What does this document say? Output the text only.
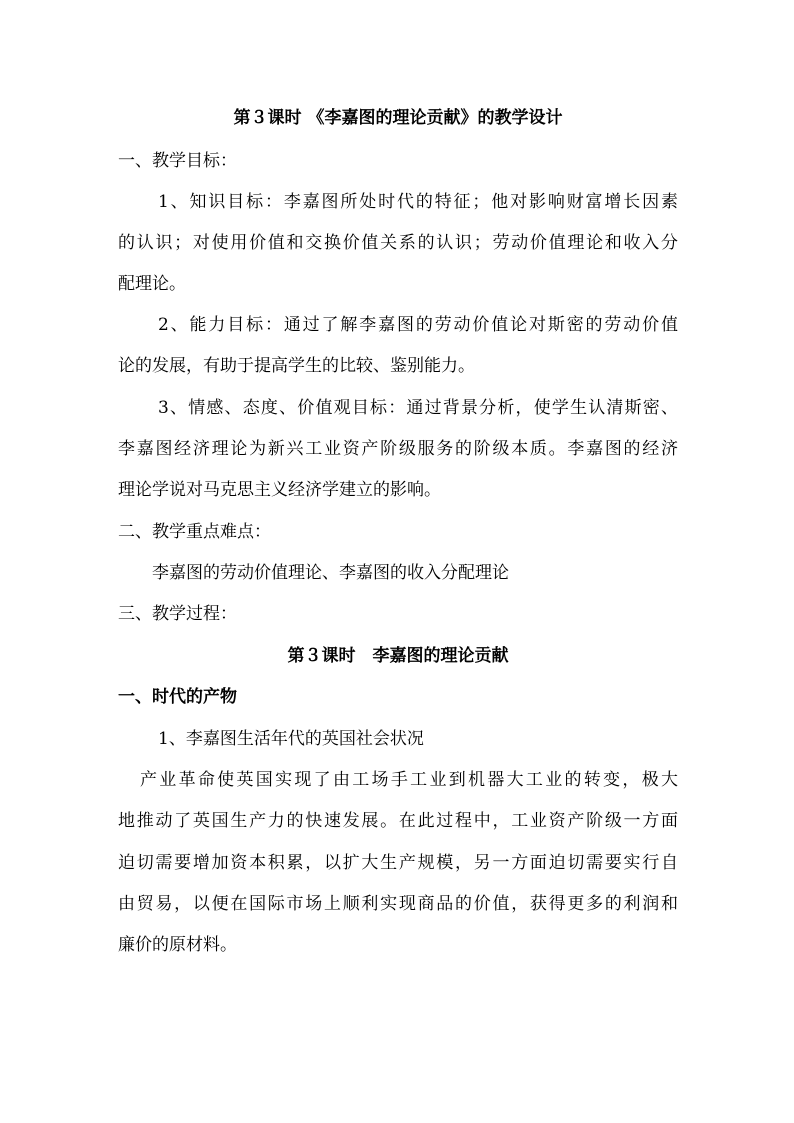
第３课时 《李嘉图的理论贡献》的教学设计
一、教学目标：
1、知识目标：李嘉图所处时代的特征；他对影响财富增长因素
的认识；对使用价值和交换价值关系的认识；劳动价值理论和收入分
配理论。
2、能力目标：通过了解李嘉图的劳动价值论对斯密的劳动价值
论的发展，有助于提高学生的比较、鉴别能力。
3、情感、态度、价值观目标：通过背景分析，使学生认清斯密、
李嘉图经济理论为新兴工业资产阶级服务的阶级本质。李嘉图的经济
理论学说对马克思主义经济学建立的影响。
二、教学重点难点：
李嘉图的劳动价值理论、李嘉图的收入分配理论
三、教学过程：
第３课时　李嘉图的理论贡献
一、时代的产物
1、李嘉图生活年代的英国社会状况
产业革命使英国实现了由工场手工业到机器大工业的转变，极大
地推动了英国生产力的快速发展。在此过程中，工业资产阶级一方面
迫切需要增加资本积累，以扩大生产规模，另一方面迫切需要实行自
由贸易，以便在国际市场上顺利实现商品的价值，获得更多的利润和
廉价的原材料。
